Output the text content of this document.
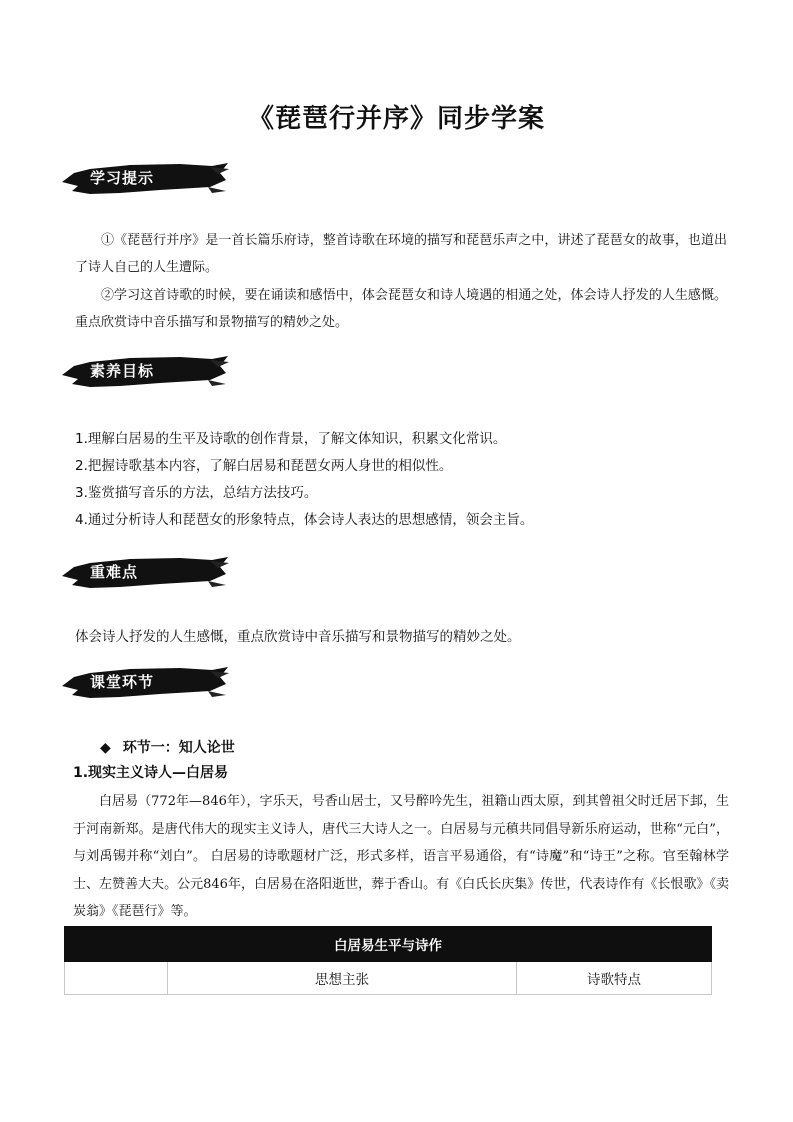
《琵琶行并序》同步学案
学习提示
①《琵琶行并序》是一首长篇乐府诗，整首诗歌在环境的描写和琵琶乐声之中，讲述了琵琶女的故事，也道出了诗人自己的人生遭际。
②学习这首诗歌的时候，要在诵读和感悟中，体会琵琶女和诗人境遇的相通之处，体会诗人抒发的人生感慨。重点欣赏诗中音乐描写和景物描写的精妙之处。
素养目标
1.理解白居易的生平及诗歌的创作背景，了解文体知识，积累文化常识。
2.把握诗歌基本内容，了解白居易和琵琶女两人身世的相似性。
3.鉴赏描写音乐的方法，总结方法技巧。
4.通过分析诗人和琵琶女的形象特点，体会诗人表达的思想感情，领会主旨。
重难点
体会诗人抒发的人生感慨，重点欣赏诗中音乐描写和景物描写的精妙之处。
课堂环节
◆ 环节一：知人论世
1.现实主义诗人—白居易
白居易（772年—846年），字乐天，号香山居士，又号醉吟先生，祖籍山西太原，到其曾祖父时迁居下邽，生于河南新郑。是唐代伟大的现实主义诗人，唐代三大诗人之一。白居易与元稹共同倡导新乐府运动，世称“元白”，与刘禹锡并称“刘白”。 白居易的诗歌题材广泛，形式多样，语言平易通俗，有“诗魔”和“诗王”之称。官至翰林学士、左赞善大夫。公元846年，白居易在洛阳逝世，葬于香山。有《白氏长庆集》传世，代表诗作有《长恨歌》《卖炭翁》《琵琶行》等。
白居易生平与诗作
	思想主张	诗歌特点
